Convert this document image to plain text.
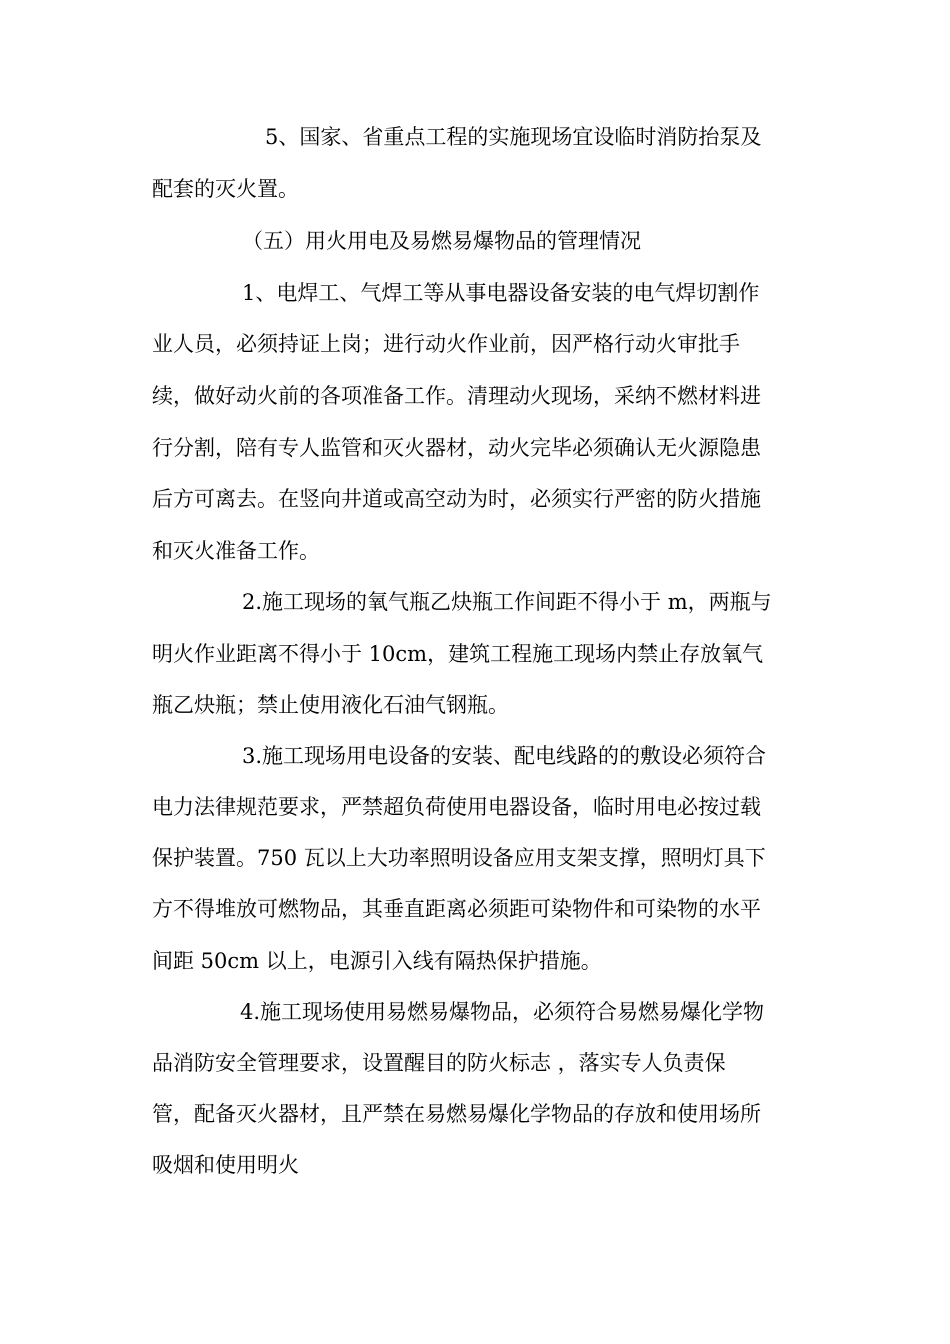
5、国家、省重点工程的实施现场宜设临时消防抬泵及
配套的灭火置。
（五）用火用电及易燃易爆物品的管理情况
1、电焊工、气焊工等从事电器设备安装的电气焊切割作
业人员，必须持证上岗；进行动火作业前，因严格行动火审批手
续，做好动火前的各项准备工作。清理动火现场，采纳不燃材料进
行分割，陪有专人监管和灭火器材，动火完毕必须确认无火源隐患
后方可离去。在竖向井道或高空动为时，必须实行严密的防火措施
和灭火准备工作。
2.施工现场的氧气瓶乙炔瓶工作间距不得小于 m，两瓶与
明火作业距离不得小于 10cm，建筑工程施工现场内禁止存放氧气
瓶乙炔瓶；禁止使用液化石油气钢瓶。
3.施工现场用电设备的安装、配电线路的的敷设必须符合
电力法律规范要求，严禁超负荷使用电器设备，临时用电必按过载
保护装置。750 瓦以上大功率照明设备应用支架支撑，照明灯具下
方不得堆放可燃物品，其垂直距离必须距可染物件和可染物的水平
间距 50cm 以上，电源引入线有隔热保护措施。
4.施工现场使用易燃易爆物品，必须符合易燃易爆化学物
品消防安全管理要求，设置醒目的防火标志 ，落实专人负责保
管，配备灭火器材，且严禁在易燃易爆化学物品的存放和使用场所
吸烟和使用明火
